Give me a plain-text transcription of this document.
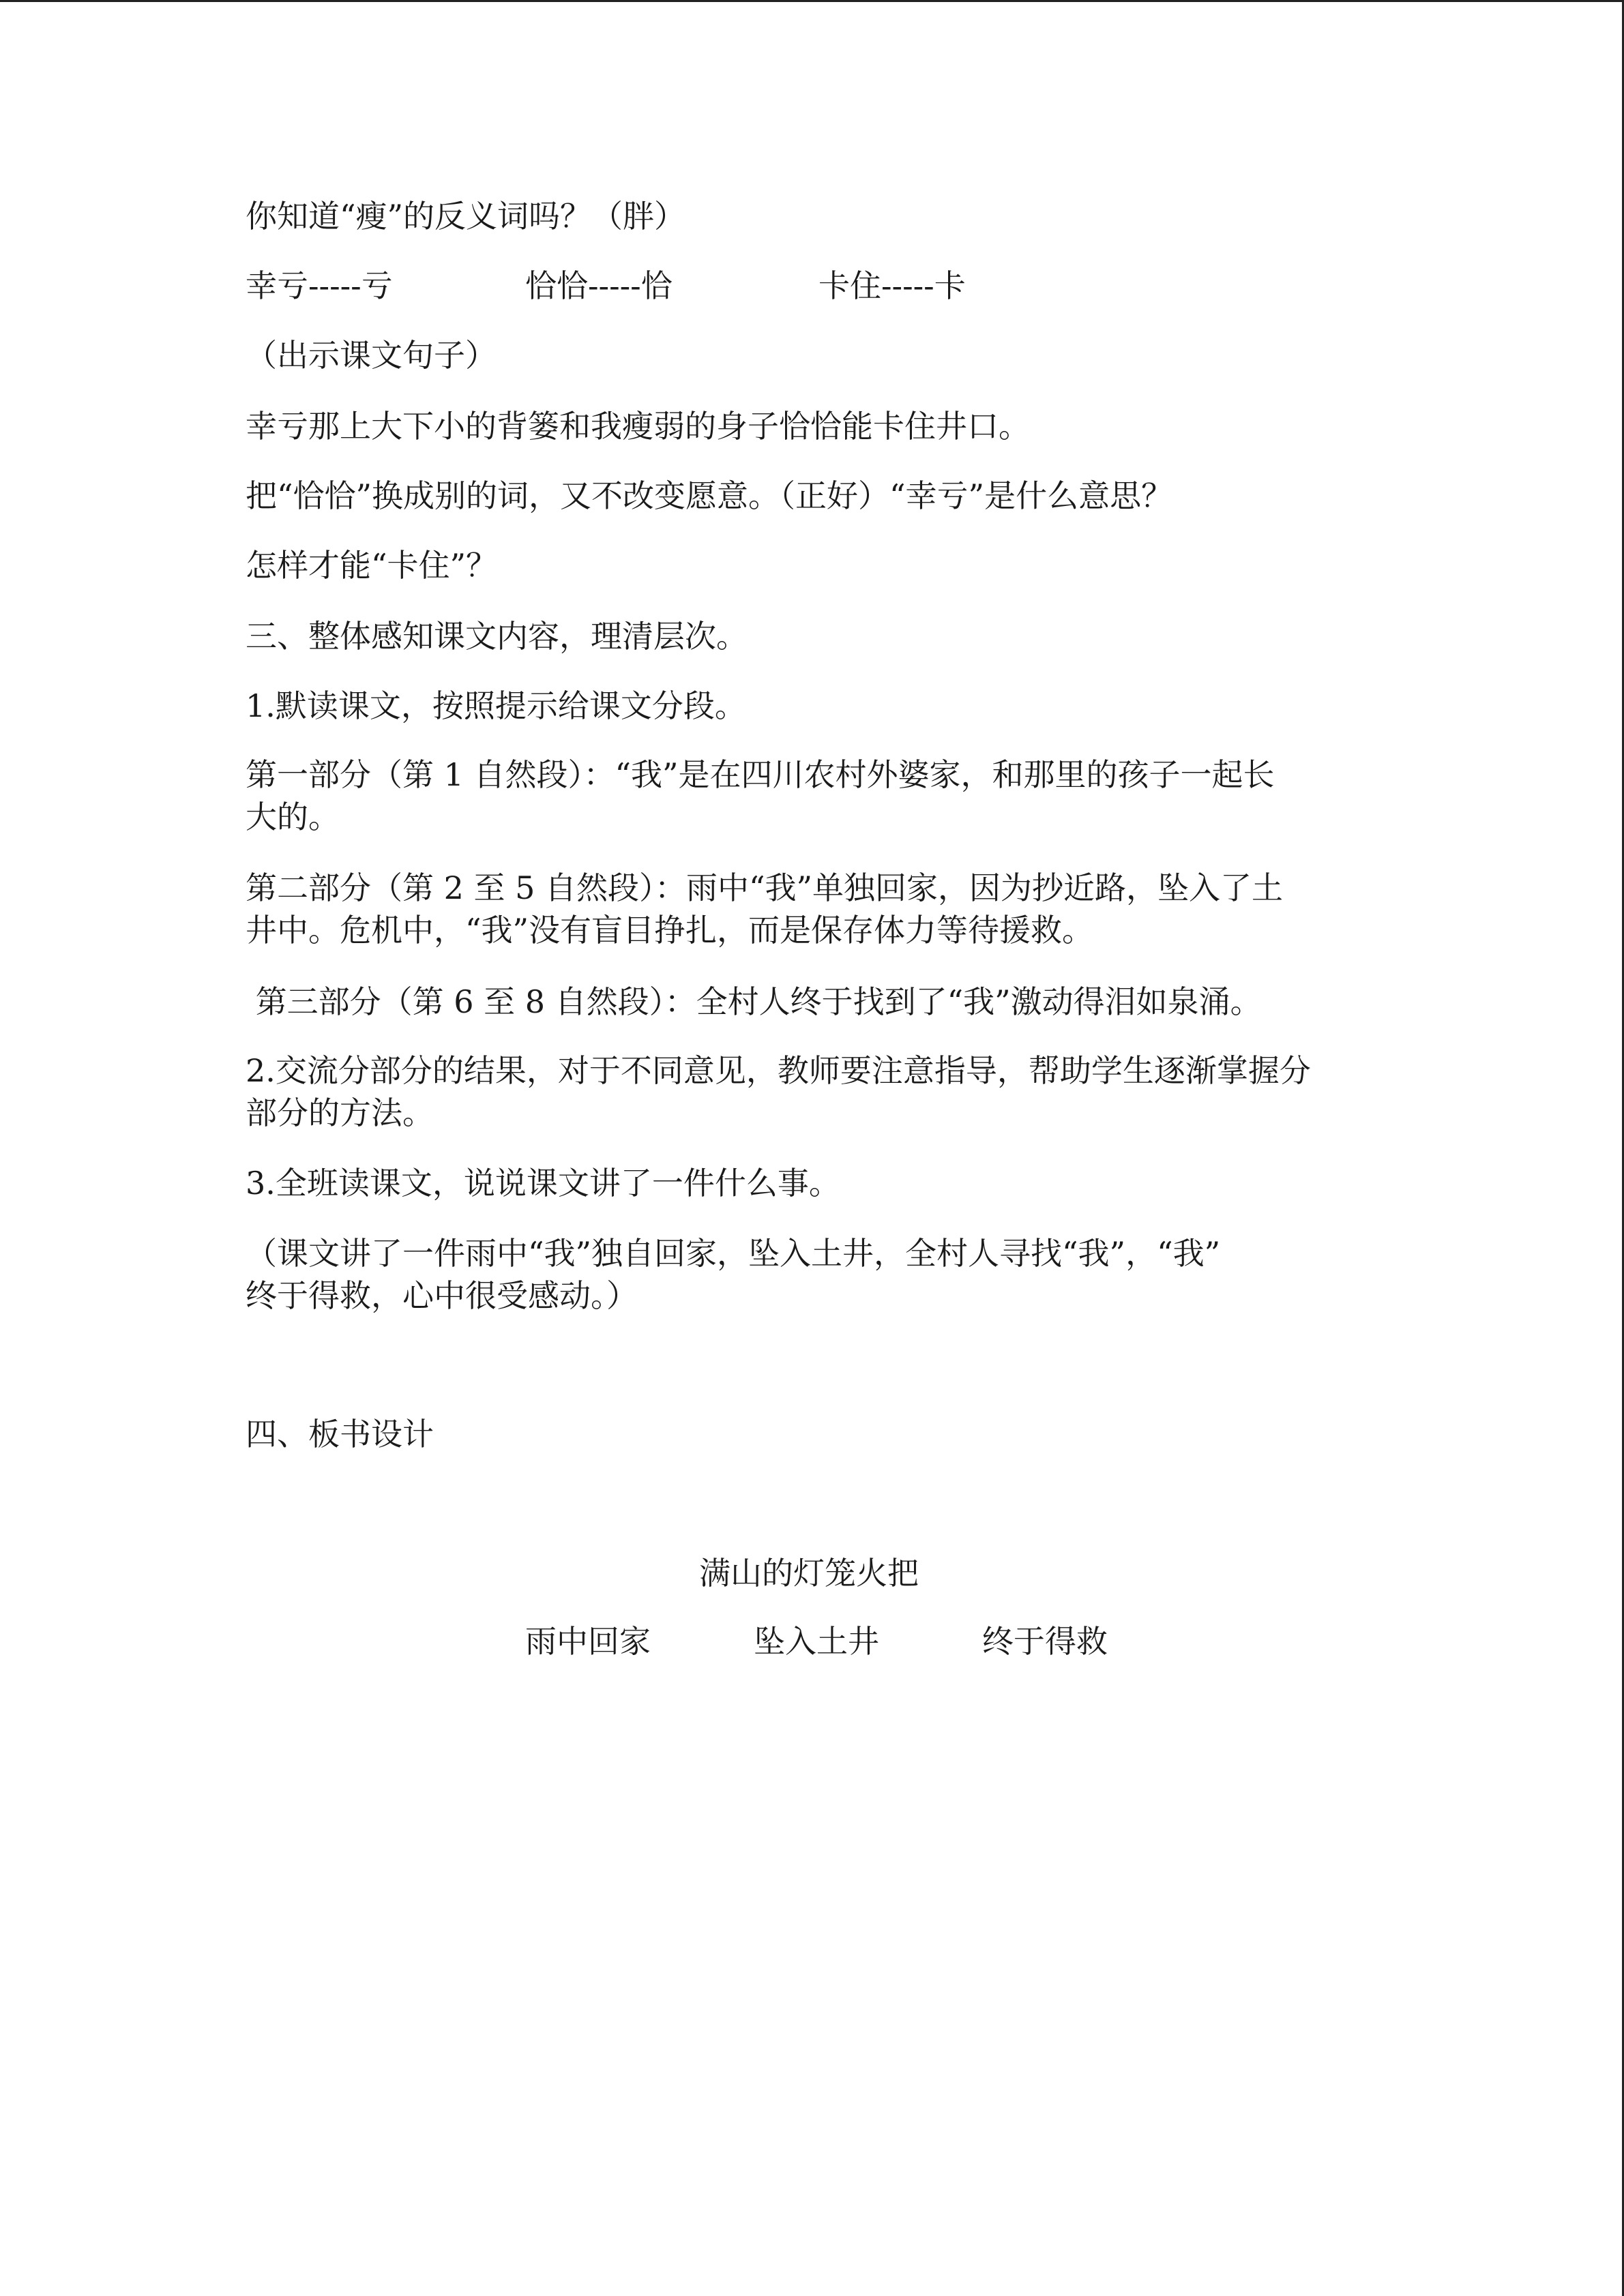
你知道“瘦”的反义词吗？（胖）
幸亏-----亏	恰恰-----恰	卡住-----卡
（出示课文句子）
幸亏那上大下小的背篓和我瘦弱的身子恰恰能卡住井口。
把“恰恰”换成别的词，又不改变愿意。（正好）“幸亏”是什么意思？
怎样才能“卡住”？
三、整体感知课文内容，理清层次。
1.默读课文，按照提示给课文分段。
第一部分（第 1 自然段）：“我”是在四川农村外婆家，和那里的孩子一起长
大的。
第二部分（第 2 至 5 自然段）：雨中“我”单独回家，因为抄近路，坠入了土
井中。危机中，“我”没有盲目挣扎，而是保存体力等待援救。
第三部分（第 6 至 8 自然段）：全村人终于找到了“我”激动得泪如泉涌。
2.交流分部分的结果，对于不同意见，教师要注意指导，帮助学生逐渐掌握分
部分的方法。
3.全班读课文，说说课文讲了一件什么事。
（课文讲了一件雨中“我”独自回家，坠入土井，全村人寻找“我”，“我”
终于得救，心中很受感动。）
四、板书设计
满山的灯笼火把
雨中回家	坠入土井	终于得救
